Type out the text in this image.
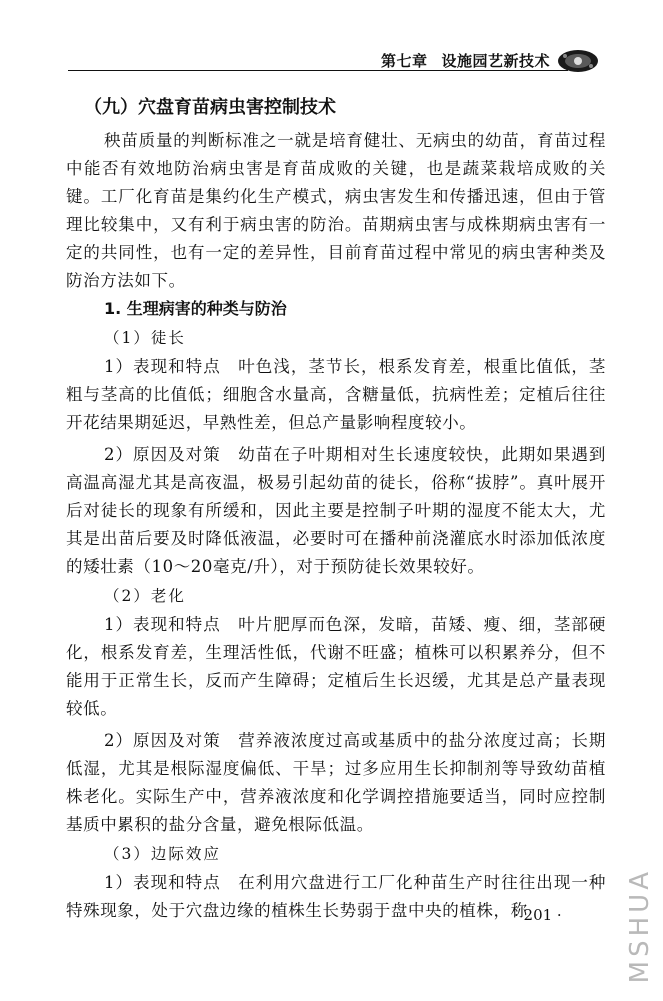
第七章 设施园艺新技术
（九）穴盘育苗病虫害控制技术

秧苗质量的判断标准之一就是培育健壮、无病虫的幼苗，育苗过程中能否有效地防治病虫害是育苗成败的关键，也是蔬菜栽培成败的关键。工厂化育苗是集约化生产模式，病虫害发生和传播迅速，但由于管理比较集中，又有利于病虫害的防治。苗期病虫害与成株期病虫害有一定的共同性，也有一定的差异性，目前育苗过程中常见的病虫害种类及防治方法如下。

1. 生理病害的种类与防治
（1）徒长

1）表现和特点　叶色浅，茎节长，根系发育差，根重比值低，茎粗与茎高的比值低；细胞含水量高，含糖量低，抗病性差；定植后往往开花结果期延迟，早熟性差，但总产量影响程度较小。

2）原因及对策　幼苗在子叶期相对生长速度较快，此期如果遇到高温高湿尤其是高夜温，极易引起幼苗的徒长，俗称“拔脖”。真叶展开后对徒长的现象有所缓和，因此主要是控制子叶期的湿度不能太大，尤其是出苗后要及时降低液温，必要时可在播种前浇灌底水时添加低浓度的矮壮素（10～20毫克/升），对于预防徒长效果较好。

（2）老化

1）表现和特点　叶片肥厚而色深，发暗，苗矮、瘦、细，茎部硬化，根系发育差，生理活性低，代谢不旺盛；植株可以积累养分，但不能用于正常生长，反而产生障碍；定植后生长迟缓，尤其是总产量表现较低。

2）原因及对策　营养液浓度过高或基质中的盐分浓度过高；长期低湿，尤其是根际湿度偏低、干旱；过多应用生长抑制剂等导致幼苗植株老化。实际生产中，营养液浓度和化学调控措施要适当，同时应控制基质中累积的盐分含量，避免根际低温。

（3）边际效应

1）表现和特点　在利用穴盘进行工厂化种苗生产时往往出现一种特殊现象，处于穴盘边缘的植株生长势弱于盘中央的植株，称

· 201 · MSHUA
